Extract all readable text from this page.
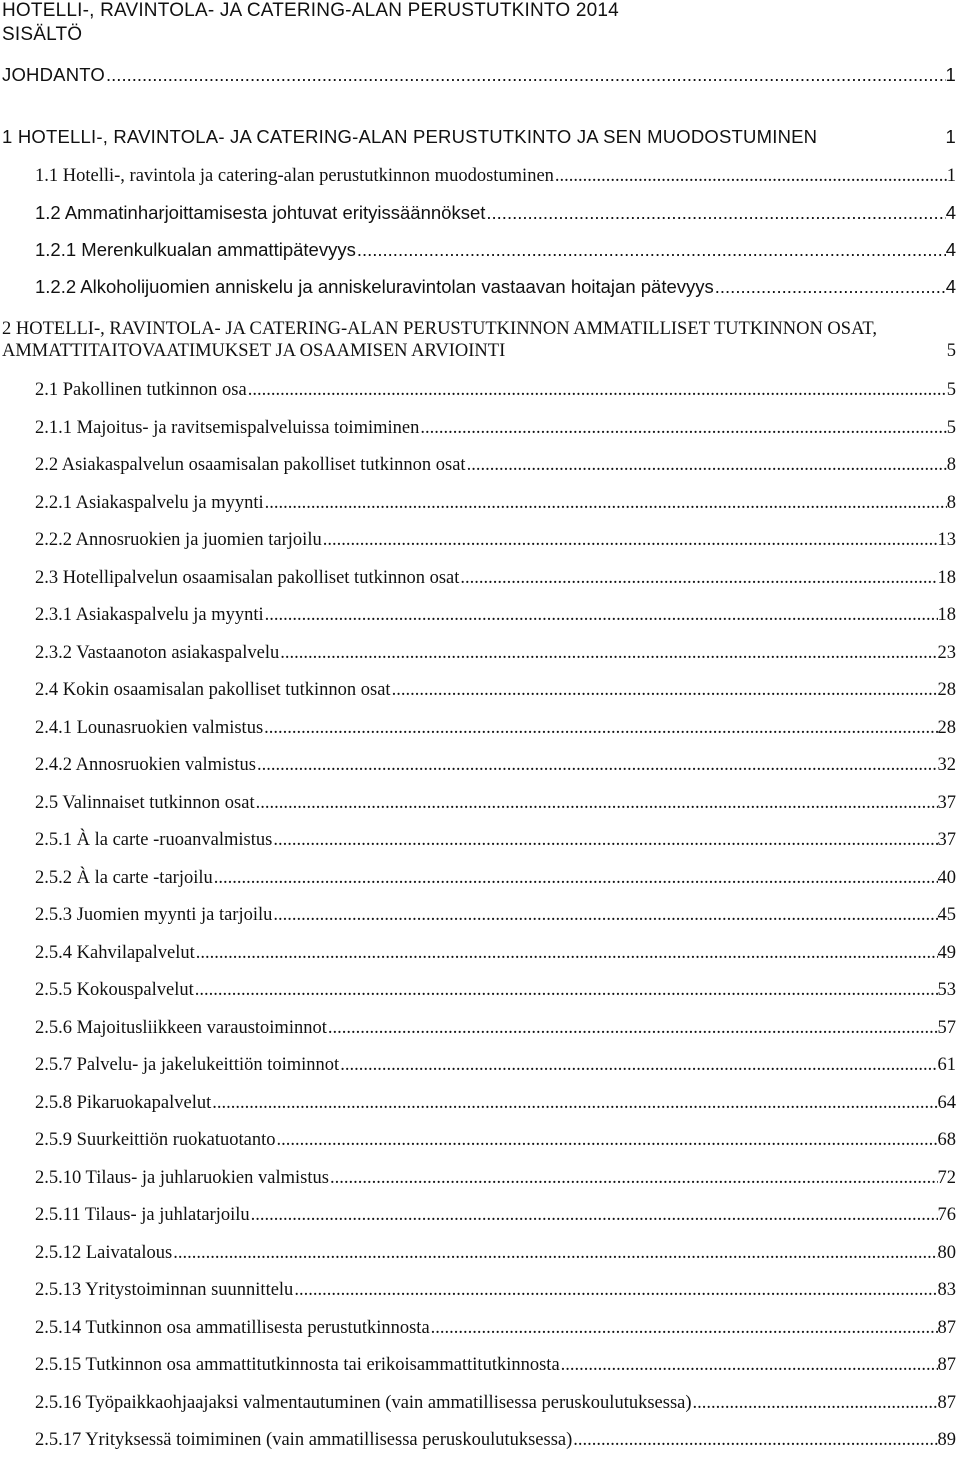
HOTELLI-, RAVINTOLA- JA CATERING-ALAN PERUSTUTKINTO 2014
SISÄLTÖ
JOHDANTO .....	1
1 HOTELLI-, RAVINTOLA- JA CATERING-ALAN PERUSTUTKINTO JA SEN MUODOSTUMINEN	1
1.1 Hotelli-, ravintola ja catering-alan perustutkinnon muodostuminen .....	1
1.2 Ammatinharjoittamisesta johtuvat erityissäännökset .....	4
1.2.1 Merenkulkualan ammattipätevyys .....	4
1.2.2 Alkoholijuomien anniskelu ja anniskeluravintolan vastaavan hoitajan pätevyys .....	4
2 HOTELLI-, RAVINTOLA- JA CATERING-ALAN PERUSTUTKINNON AMMATILLISET TUTKINNON OSAT, AMMATTITAITOVAATIMUKSET JA OSAAMISEN ARVIOINTI	5
2.1 Pakollinen tutkinnon osa .....	5
2.1.1 Majoitus- ja ravitsemispalveluissa toimiminen .....	5
2.2 Asiakaspalvelun osaamisalan pakolliset tutkinnon osat .....	8
2.2.1 Asiakaspalvelu ja myynti .....	8
2.2.2 Annosruokien ja juomien tarjoilu .....	13
2.3 Hotellipalvelun osaamisalan pakolliset tutkinnon osat .....	18
2.3.1 Asiakaspalvelu ja myynti .....	18
2.3.2 Vastaanoton asiakaspalvelu .....	23
2.4 Kokin osaamisalan pakolliset tutkinnon osat .....	28
2.4.1 Lounasruokien valmistus .....	28
2.4.2 Annosruokien valmistus .....	32
2.5 Valinnaiset tutkinnon osat .....	37
2.5.1 À la carte -ruoanvalmistus .....	37
2.5.2 À la carte -tarjoilu .....	40
2.5.3 Juomien myynti ja tarjoilu .....	45
2.5.4 Kahvilapalvelut .....	49
2.5.5 Kokouspalvelut .....	53
2.5.6 Majoitusliikkeen varaustoiminnot .....	57
2.5.7 Palvelu- ja jakelukeittiön toiminnot .....	61
2.5.8 Pikaruokapalvelut .....	64
2.5.9 Suurkeittiön ruokatuotanto .....	68
2.5.10 Tilaus- ja juhlaruokien valmistus .....	72
2.5.11 Tilaus- ja juhlatarjoilu .....	76
2.5.12 Laivatalous .....	80
2.5.13 Yritystoiminnan suunnittelu .....	83
2.5.14 Tutkinnon osa ammatillisesta perustutkinnosta .....	87
2.5.15 Tutkinnon osa ammattitutkinnosta tai erikoisammattitutkinnosta .....	87
2.5.16 Työpaikkaohjaajaksi valmentautuminen (vain ammatillisessa peruskoulutuksessa) .....	87
2.5.17 Yrityksessä toimiminen (vain ammatillisessa peruskoulutuksessa) .....	89
